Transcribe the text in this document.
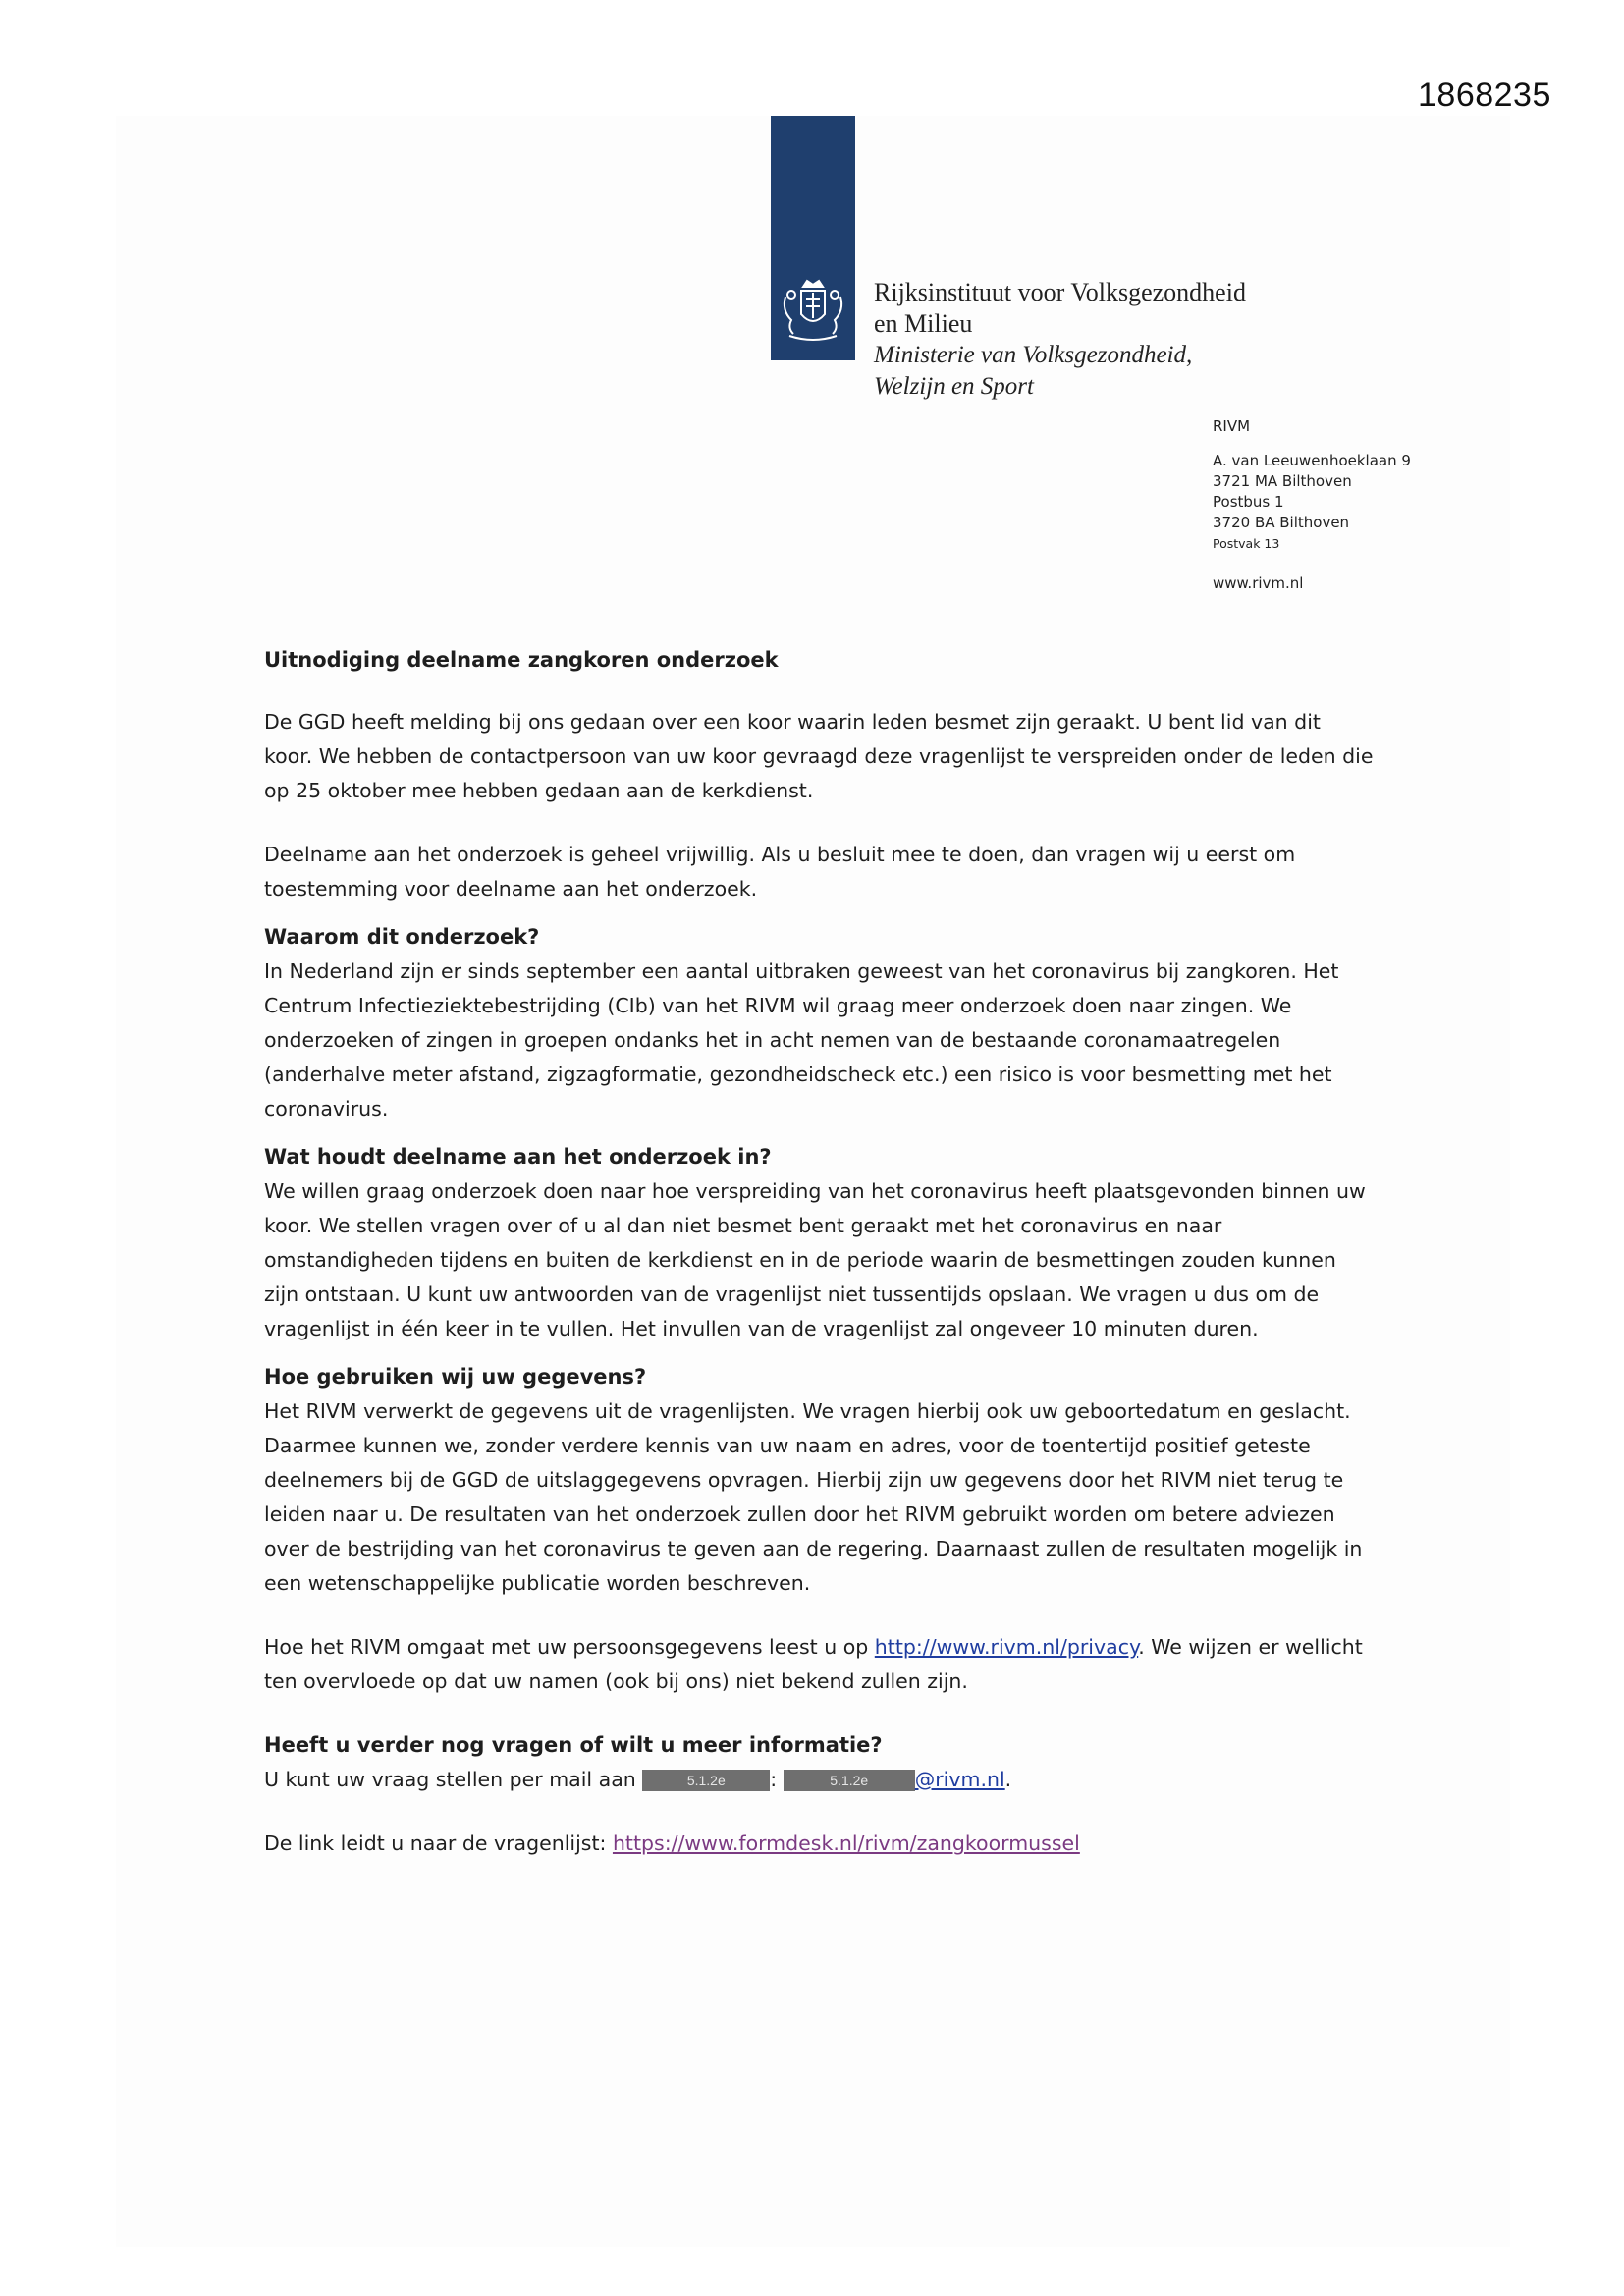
1868235
Rijksinstituut voor Volksgezondheid
en Milieu
Ministerie van Volksgezondheid,
Welzijn en Sport
RIVM
A. van Leeuwenhoeklaan 9
3721 MA Bilthoven
Postbus 1
3720 BA Bilthoven
Postvak 13
www.rivm.nl
Uitnodiging deelname zangkoren onderzoek

De GGD heeft melding bij ons gedaan over een koor waarin leden besmet zijn geraakt. U bent lid van dit koor. We hebben de contactpersoon van uw koor gevraagd deze vragenlijst te verspreiden onder de leden die op 25 oktober mee hebben gedaan aan de kerkdienst.

Deelname aan het onderzoek is geheel vrijwillig. Als u besluit mee te doen, dan vragen wij u eerst om toestemming voor deelname aan het onderzoek.

Waarom dit onderzoek?

In Nederland zijn er sinds september een aantal uitbraken geweest van het coronavirus bij zangkoren. Het Centrum Infectieziektebestrijding (CIb) van het RIVM wil graag meer onderzoek doen naar zingen. We onderzoeken of zingen in groepen ondanks het in acht nemen van de bestaande coronamaatregelen (anderhalve meter afstand, zigzagformatie, gezondheidscheck etc.) een risico is voor besmetting met het coronavirus.

Wat houdt deelname aan het onderzoek in?

We willen graag onderzoek doen naar hoe verspreiding van het coronavirus heeft plaatsgevonden binnen uw koor. We stellen vragen over of u al dan niet besmet bent geraakt met het coronavirus en naar omstandigheden tijdens en buiten de kerkdienst en in de periode waarin de besmettingen zouden kunnen zijn ontstaan. U kunt uw antwoorden van de vragenlijst niet tussentijds opslaan. We vragen u dus om de vragenlijst in één keer in te vullen. Het invullen van de vragenlijst zal ongeveer 10 minuten duren.

Hoe gebruiken wij uw gegevens?

Het RIVM verwerkt de gegevens uit de vragenlijsten. We vragen hierbij ook uw geboortedatum en geslacht. Daarmee kunnen we, zonder verdere kennis van uw naam en adres, voor de toentertijd positief geteste deelnemers bij de GGD de uitslaggegevens opvragen. Hierbij zijn uw gegevens door het RIVM niet terug te leiden naar u. De resultaten van het onderzoek zullen door het RIVM gebruikt worden om betere adviezen over de bestrijding van het coronavirus te geven aan de regering. Daarnaast zullen de resultaten mogelijk in een wetenschappelijke publicatie worden beschreven.

Hoe het RIVM omgaat met uw persoonsgegevens leest u op http://www.rivm.nl/privacy. We wijzen er wellicht ten overvloede op dat uw namen (ook bij ons) niet bekend zullen zijn.

Heeft u verder nog vragen of wilt u meer informatie?

U kunt uw vraag stellen per mail aan	5.1.2e :	5.1.2e @rivm.nl.

De link leidt u naar de vragenlijst: https://www.formdesk.nl/rivm/zangkoormussel
